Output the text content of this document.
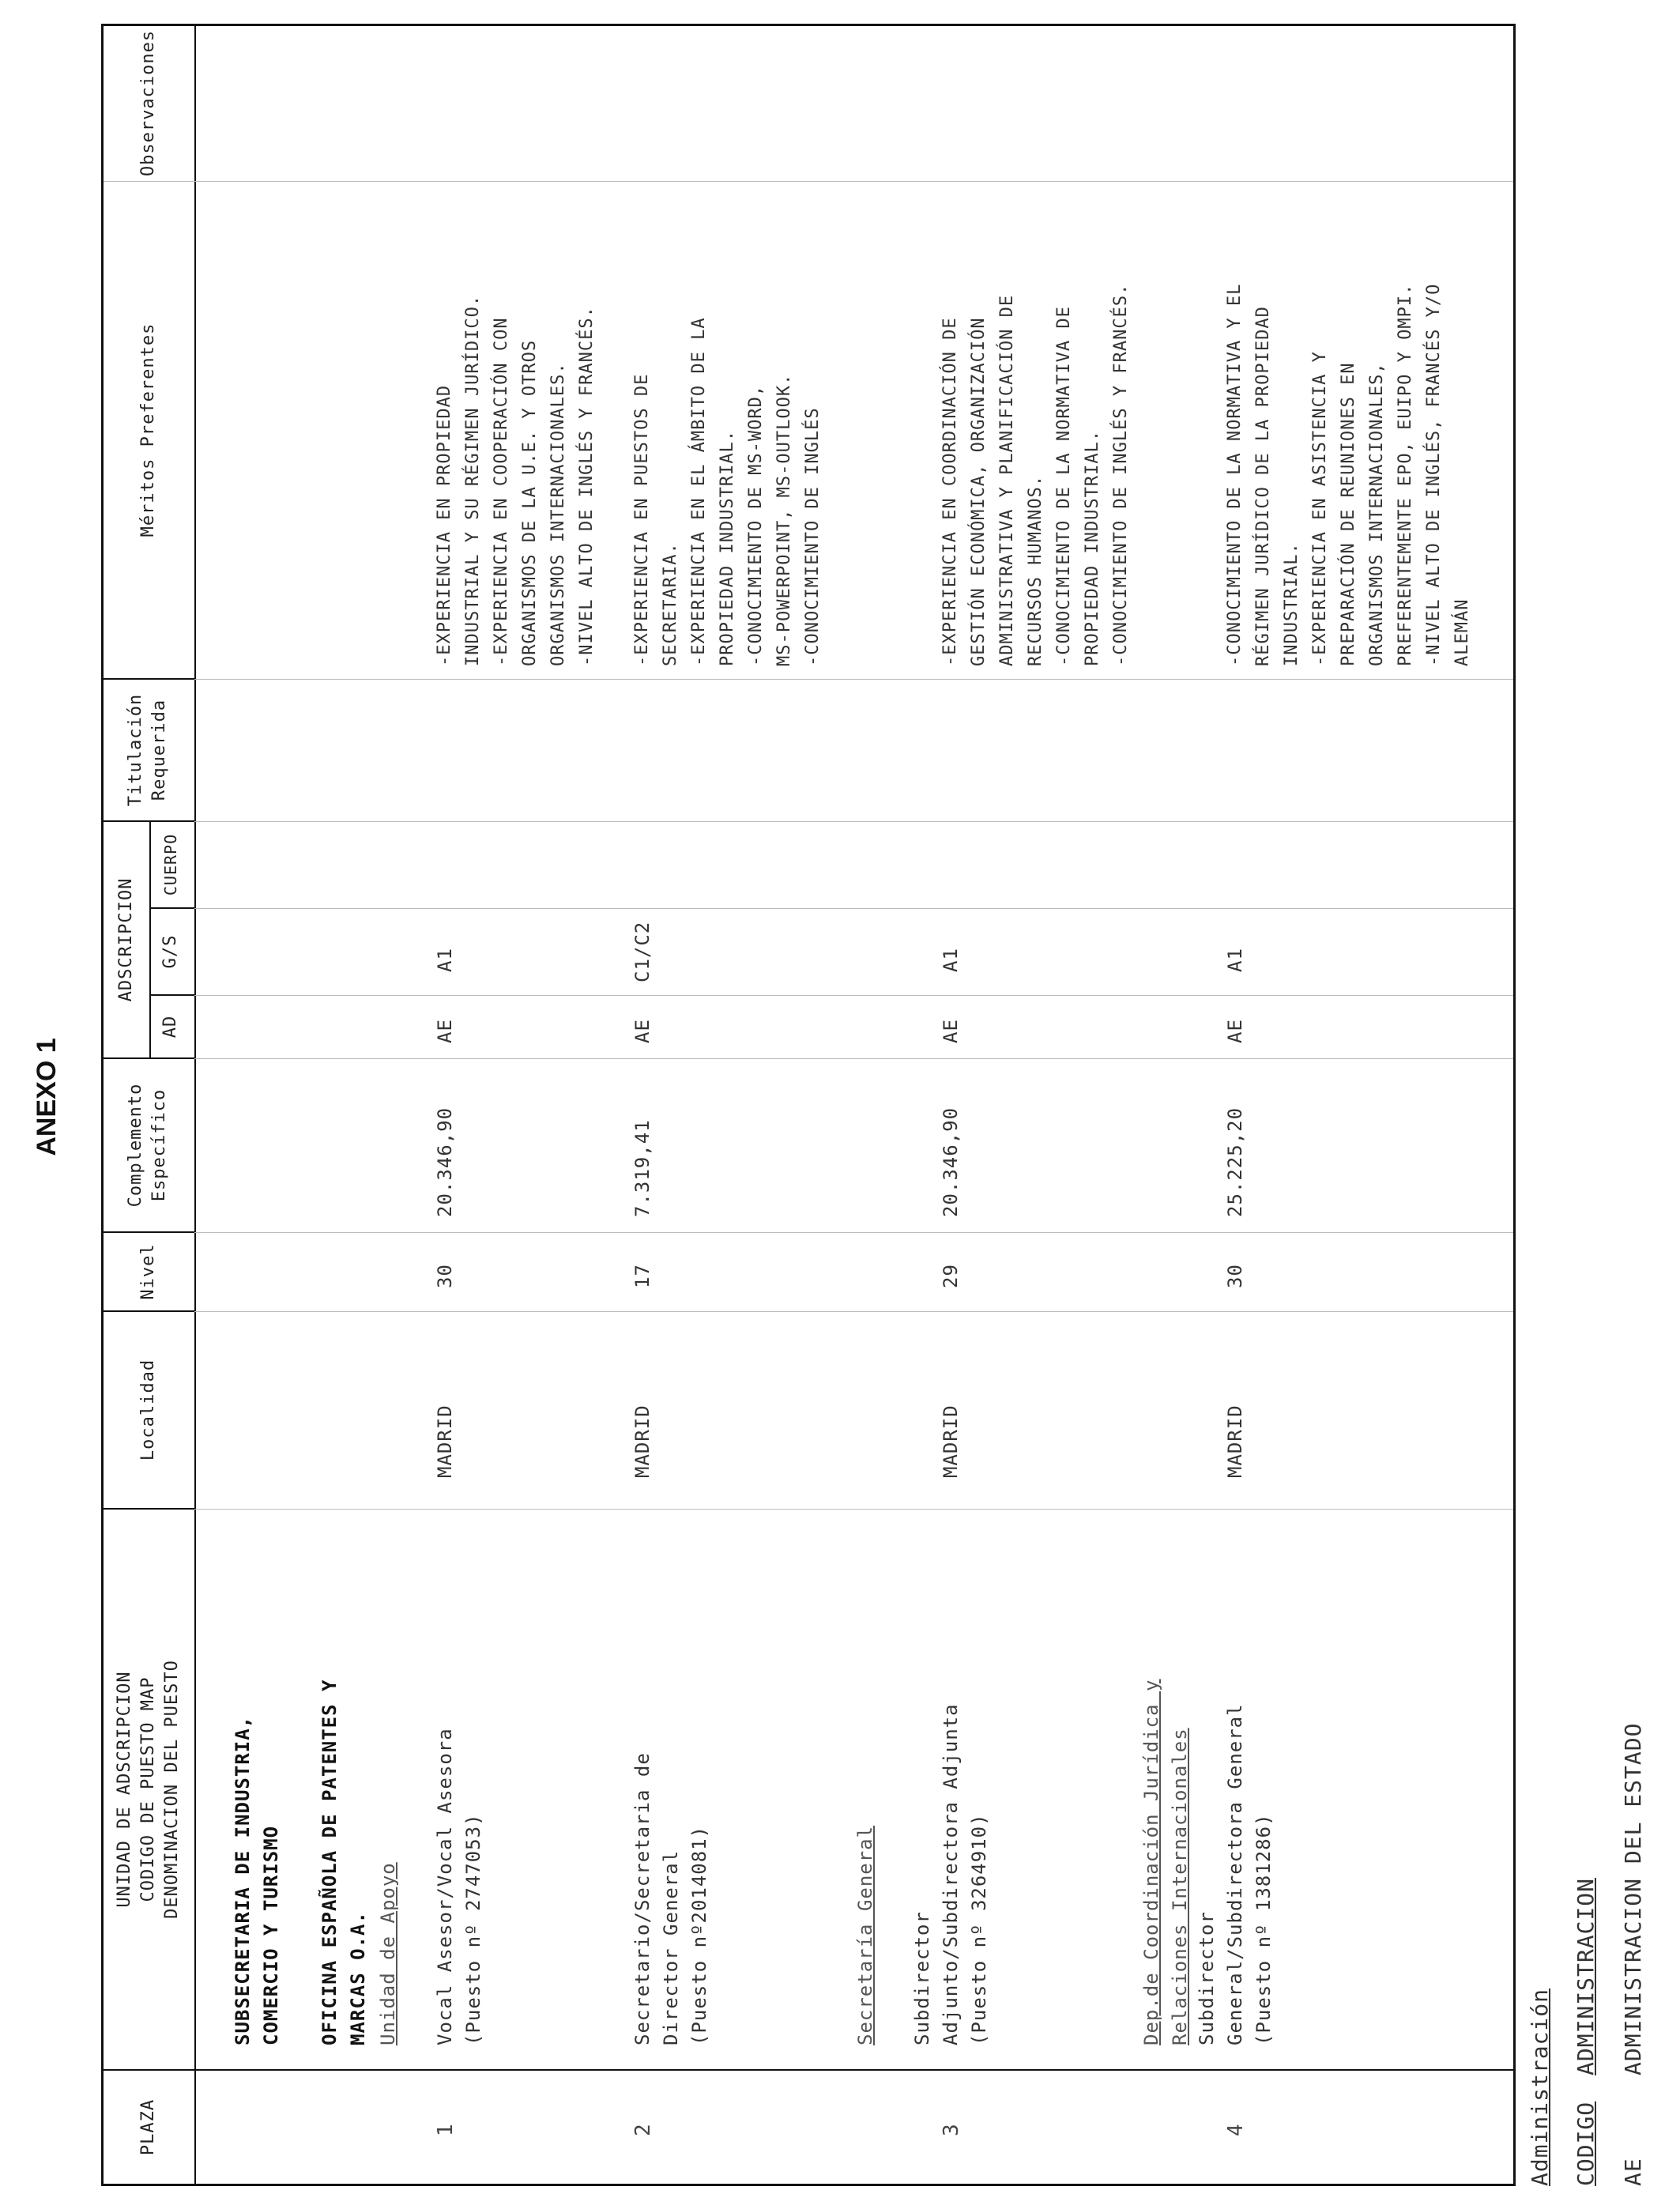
ANEXO 1
PLAZA
UNIDAD DE ADSCRIPCION
CODIGO DE PUESTO MAP
DENOMINACION DEL PUESTO
Localidad
Nivel
Complemento
Específico
ADSCRIPCION
AD
G/S
CUERPO
Titulación
Requerida
Méritos Preferentes
Observaciones
SUBSECRETARIA DE INDUSTRIA,
COMERCIO Y TURISMO
OFICINA ESPAÑOLA DE PATENTES Y
MARCAS O.A. Unidad de Apoyo	Secretaría General	Dep.de Coordinación Jurídica y
Relaciones Internacionales
1
Vocal Asesor/Vocal Asesora
(Puesto nº 2747053)
MADRID
30
20.346,90
AE
A1
-EXPERIENCIA EN PROPIEDAD
INDUSTRIAL Y SU RÉGIMEN JURÍDICO.
-EXPERIENCIA EN COOPERACIÓN CON
ORGANISMOS DE LA U.E. Y OTROS
ORGANISMOS INTERNACIONALES.
-NIVEL ALTO DE INGLÉS Y FRANCÉS.
2
Secretario/Secretaria de
Director General
(Puesto nº2014081)
MADRID
17
7.319,41
AE
C1/C2
-EXPERIENCIA EN PUESTOS DE
SECRETARIA.
-EXPERIENCIA EN EL ÁMBITO DE LA
PROPIEDAD INDUSTRIAL.
-CONOCIMIENTO DE MS-WORD,
MS-POWERPOINT, MS-OUTLOOK.
-CONOCIMIENTO DE INGLÉS
3
Subdirector
Adjunto/Subdirectora Adjunta
(Puesto nº 3264910)
MADRID
29
20.346,90
AE
A1
-EXPERIENCIA EN COORDINACIÓN DE
GESTIÓN ECONÓMICA, ORGANIZACIÓN
ADMINISTRATIVA Y PLANIFICACIÓN DE
RECURSOS HUMANOS.
-CONOCIMIENTO DE LA NORMATIVA DE
PROPIEDAD INDUSTRIAL.
-CONOCIMIENTO DE INGLÉS Y FRANCÉS.
4
Subdirector
General/Subdirectora General
(Puesto nº 1381286)
MADRID
30
25.225,20
AE
A1
-CONOCIMIENTO DE LA NORMATIVA Y EL
RÉGIMEN JURÍDICO DE LA PROPIEDAD
INDUSTRIAL.
-EXPERIENCIA EN ASISTENCIA Y
PREPARACIÓN DE REUNIONES EN
ORGANISMOS INTERNACIONALES,
PREFERENTEMENTE EPO, EUIPO Y OMPI.
-NIVEL ALTO DE INGLÉS, FRANCÉS Y/O
ALEMÁN
Administración CODIGO
ADMINISTRACION
AE
ADMINISTRACION DEL ESTADO
